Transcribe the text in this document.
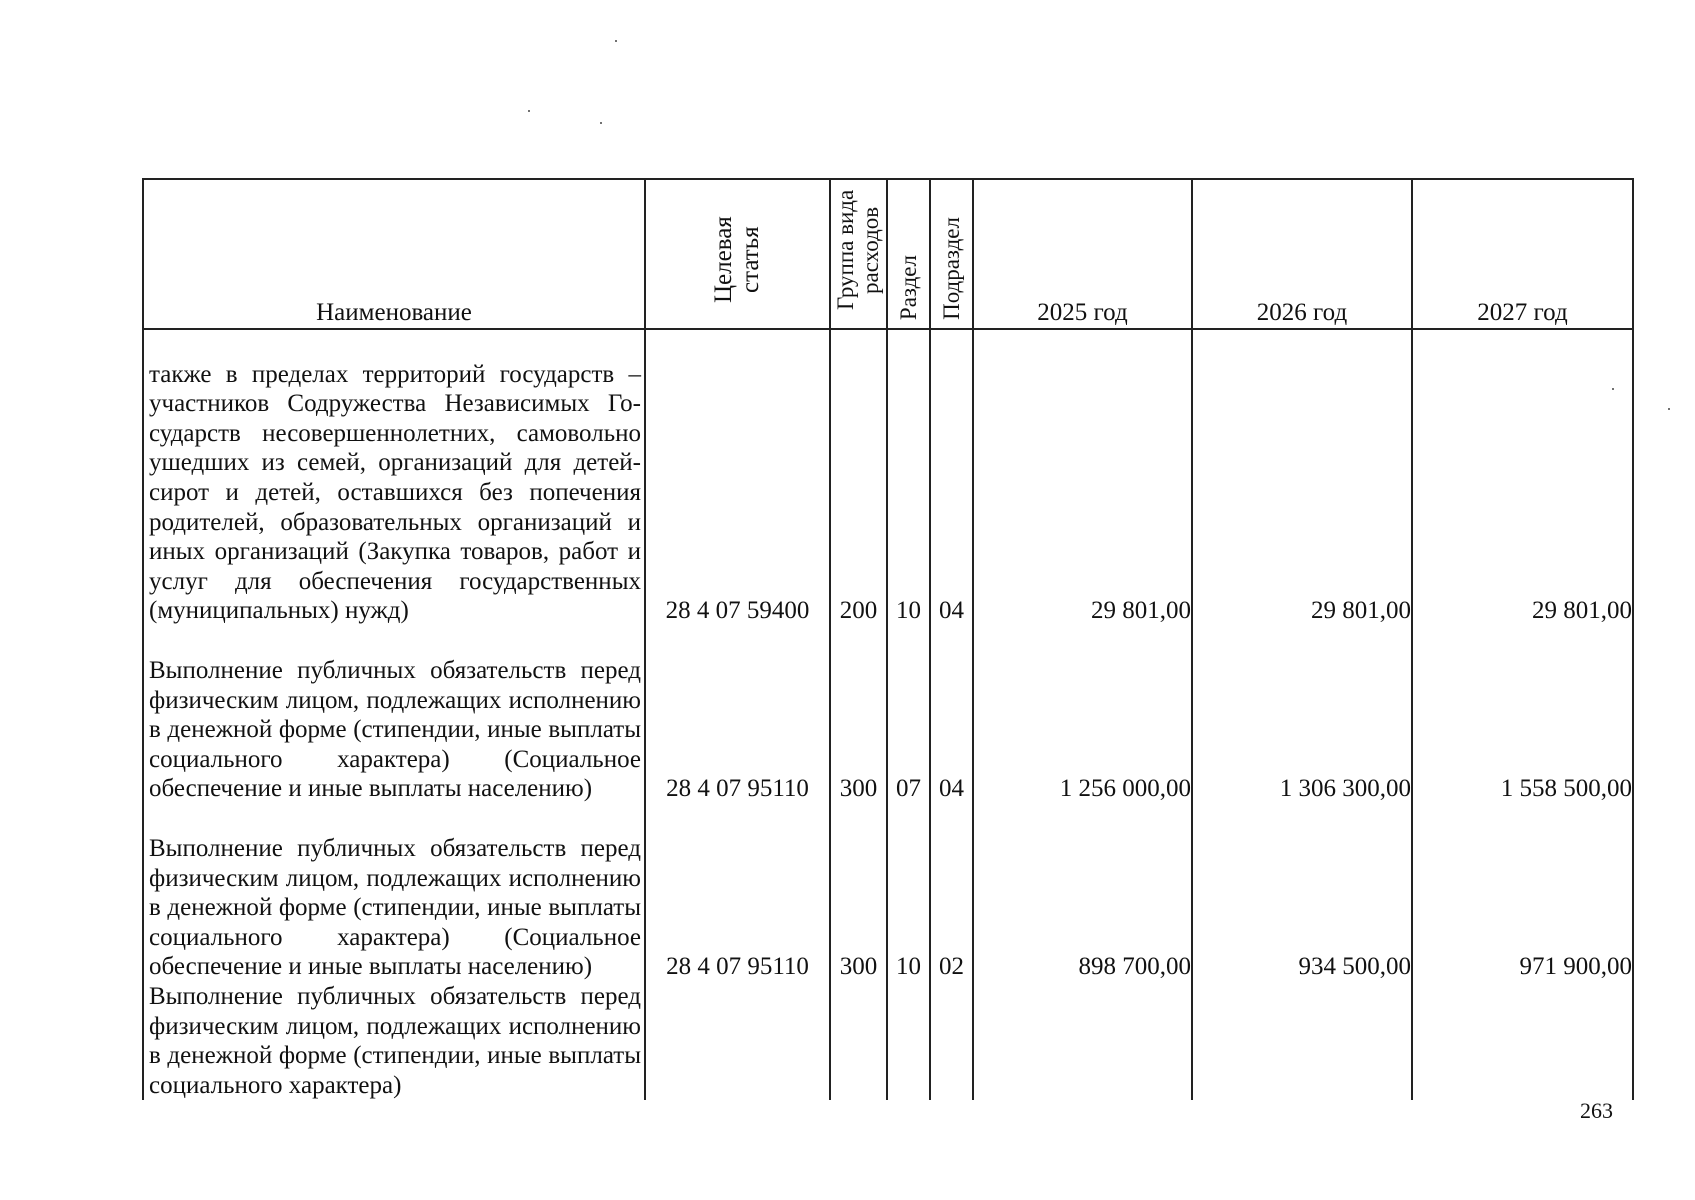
Наименование	Целевая статья	Группа вида расходов	Раздел	Подраздел	2025 год	2026 год	2027 год

также в пределах территорий государств – участников Содружества Независимых Государств несовершеннолетних, самовольно ушедших из семей, организаций для детей-сирот и детей, оставшихся без попечения родителей, образовательных организаций и иных организаций (Закупка товаров, работ и услуг для обеспечения государственных (муниципальных) нужд)	28 4 07 59400	200	10	04	29 801,00	29 801,00	29 801,00

Выполнение публичных обязательств перед физическим лицом, подлежащих исполнению в денежной форме (стипендии, иные выплаты социального характера) (Социальное обеспечение и иные выплаты населению)	28 4 07 95110	300	07	04	1 256 000,00	1 306 300,00	1 558 500,00

Выполнение публичных обязательств перед физическим лицом, подлежащих исполнению в денежной форме (стипендии, иные выплаты социального характера) (Социальное обеспечение и иные выплаты населению)	28 4 07 95110	300	10	02	898 700,00	934 500,00	971 900,00

Выполнение публичных обязательств перед физическим лицом, подлежащих исполнению в денежной форме (стипендии, иные выплаты социального характера)							

263
